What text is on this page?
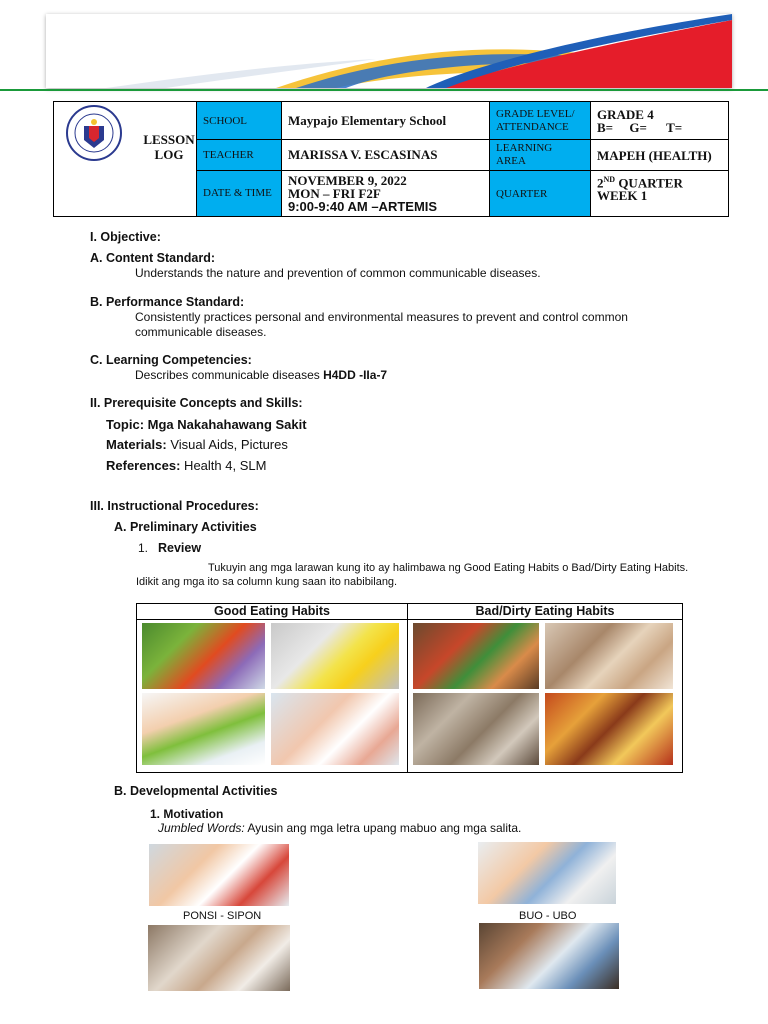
LESSON LOG	SCHOOL	Maypajo Elementary School	GRADE LEVEL/ ATTENDANCE	GRADE 4
B=     G=      T=

	TEACHER	MARISSA V. ESCASINAS	LEARNING AREA	MAPEH (HEALTH)

	DATE & TIME	NOVEMBER 9, 2022
MON – FRI F2F
9:00-9:40 AM –ARTEMIS	QUARTER	2ND QUARTER
WEEK 1
I. Objective:
A. Content Standard:
Understands the nature and prevention of common communicable diseases.
B. Performance Standard:
Consistently practices personal and environmental measures to prevent and control common
communicable diseases.
C. Learning Competencies:
Describes communicable diseases H4DD -IIa-7
II. Prerequisite Concepts and Skills:
Topic: Mga Nakahahawang Sakit
Materials: Visual Aids, Pictures
References: Health 4, SLM
III. Instructional Procedures:
A. Preliminary Activities
1. Review
Tukuyin ang mga larawan kung ito ay halimbawa ng Good Eating Habits o Bad/Dirty Eating Habits.
Idikit ang mga ito sa column kung saan ito nabibilang.
Good Eating Habits	Bad/Dirty Eating Habits
B. Developmental Activities
1. Motivation
Jumbled Words: Ayusin ang mga letra upang mabuo ang mga salita.
PONSI - SIPON	BUO - UBO
